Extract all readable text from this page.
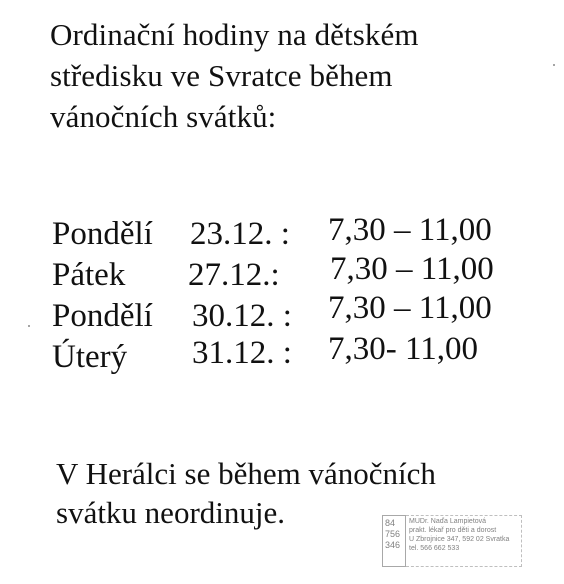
Ordinační hodiny na dětském
středisku ve Svratce během
vánočních svátků:
Pondělí 23.12. : 7,30 – 11,00
Pátek 27.12.: 7,30 – 11,00
Pondělí 30.12. : 7,30 – 11,00
Úterý 31.12. : 7,30- 11,00

V Herálci se během vánočních
svátku neordinuje.	84
756
346
MUDr. Naďa Lampietová
prakt. lékař pro děti a dorost
U Zbrojnice 347, 592 02 Svratka
tel. 566 662 533
